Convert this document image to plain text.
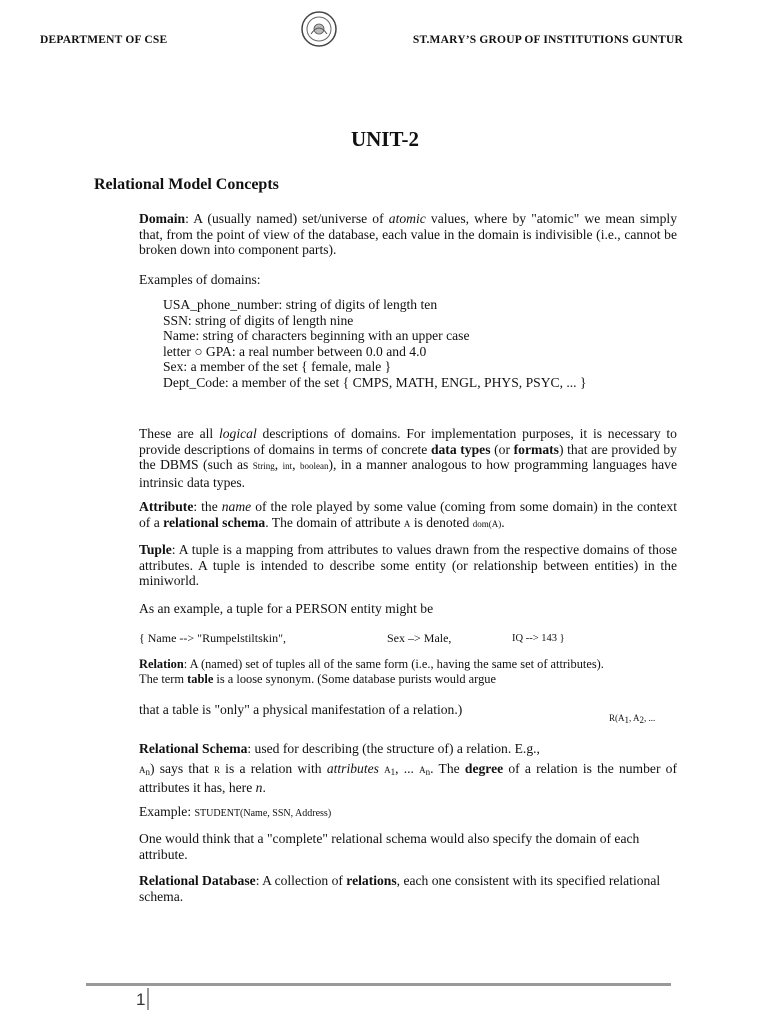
DEPARTMENT OF CSE	ST.MARY’S GROUP OF INSTITUTIONS GUNTUR
UNIT-2
Relational Model Concepts
Domain: A (usually named) set/universe of atomic values, where by "atomic" we mean simply that, from the point of view of the database, each value in the domain is indivisible (i.e., cannot be broken down into component parts).
Examples of domains:
USA_phone_number: string of digits of length ten
SSN: string of digits of length nine
Name: string of characters beginning with an upper case
letter ○ GPA: a real number between 0.0 and 4.0
Sex: a member of the set { female, male }
Dept_Code: a member of the set { CMPS, MATH, ENGL, PHYS, PSYC, ... }
These are all logical descriptions of domains. For implementation purposes, it is necessary to provide descriptions of domains in terms of concrete data types (or formats) that are provided by the DBMS (such as String, int, boolean), in a manner analogous to how programming languages have intrinsic data types.
Attribute: the name of the role played by some value (coming from some domain) in the context of a relational schema. The domain of attribute A is denoted dom(A).
Tuple: A tuple is a mapping from attributes to values drawn from the respective domains of those attributes. A tuple is intended to describe some entity (or relationship between entities) in the miniworld.
As an example, a tuple for a PERSON entity might be
{ Name --> "Rumpelstiltskin",	Sex –> Male,	IQ --> 143 }
Relation: A (named) set of tuples all of the same form (i.e., having the same set of attributes). The term table is a loose synonym. (Some database purists would argue
that a table is "only" a physical manifestation of a relation.)
R(A1, A2, ...
Relational Schema: used for describing (the structure of) a relation. E.g.,
$A_n$) says that R is a relation with attributes $A_1$, ... $A_n$. The degree of a relation is the number of attributes it has, here n.
Example: STUDENT(Name, SSN, Address)
One would think that a "complete" relational schema would also specify the domain of each attribute.
Relational Database: A collection of relations, each one consistent with its specified relational schema.
1
